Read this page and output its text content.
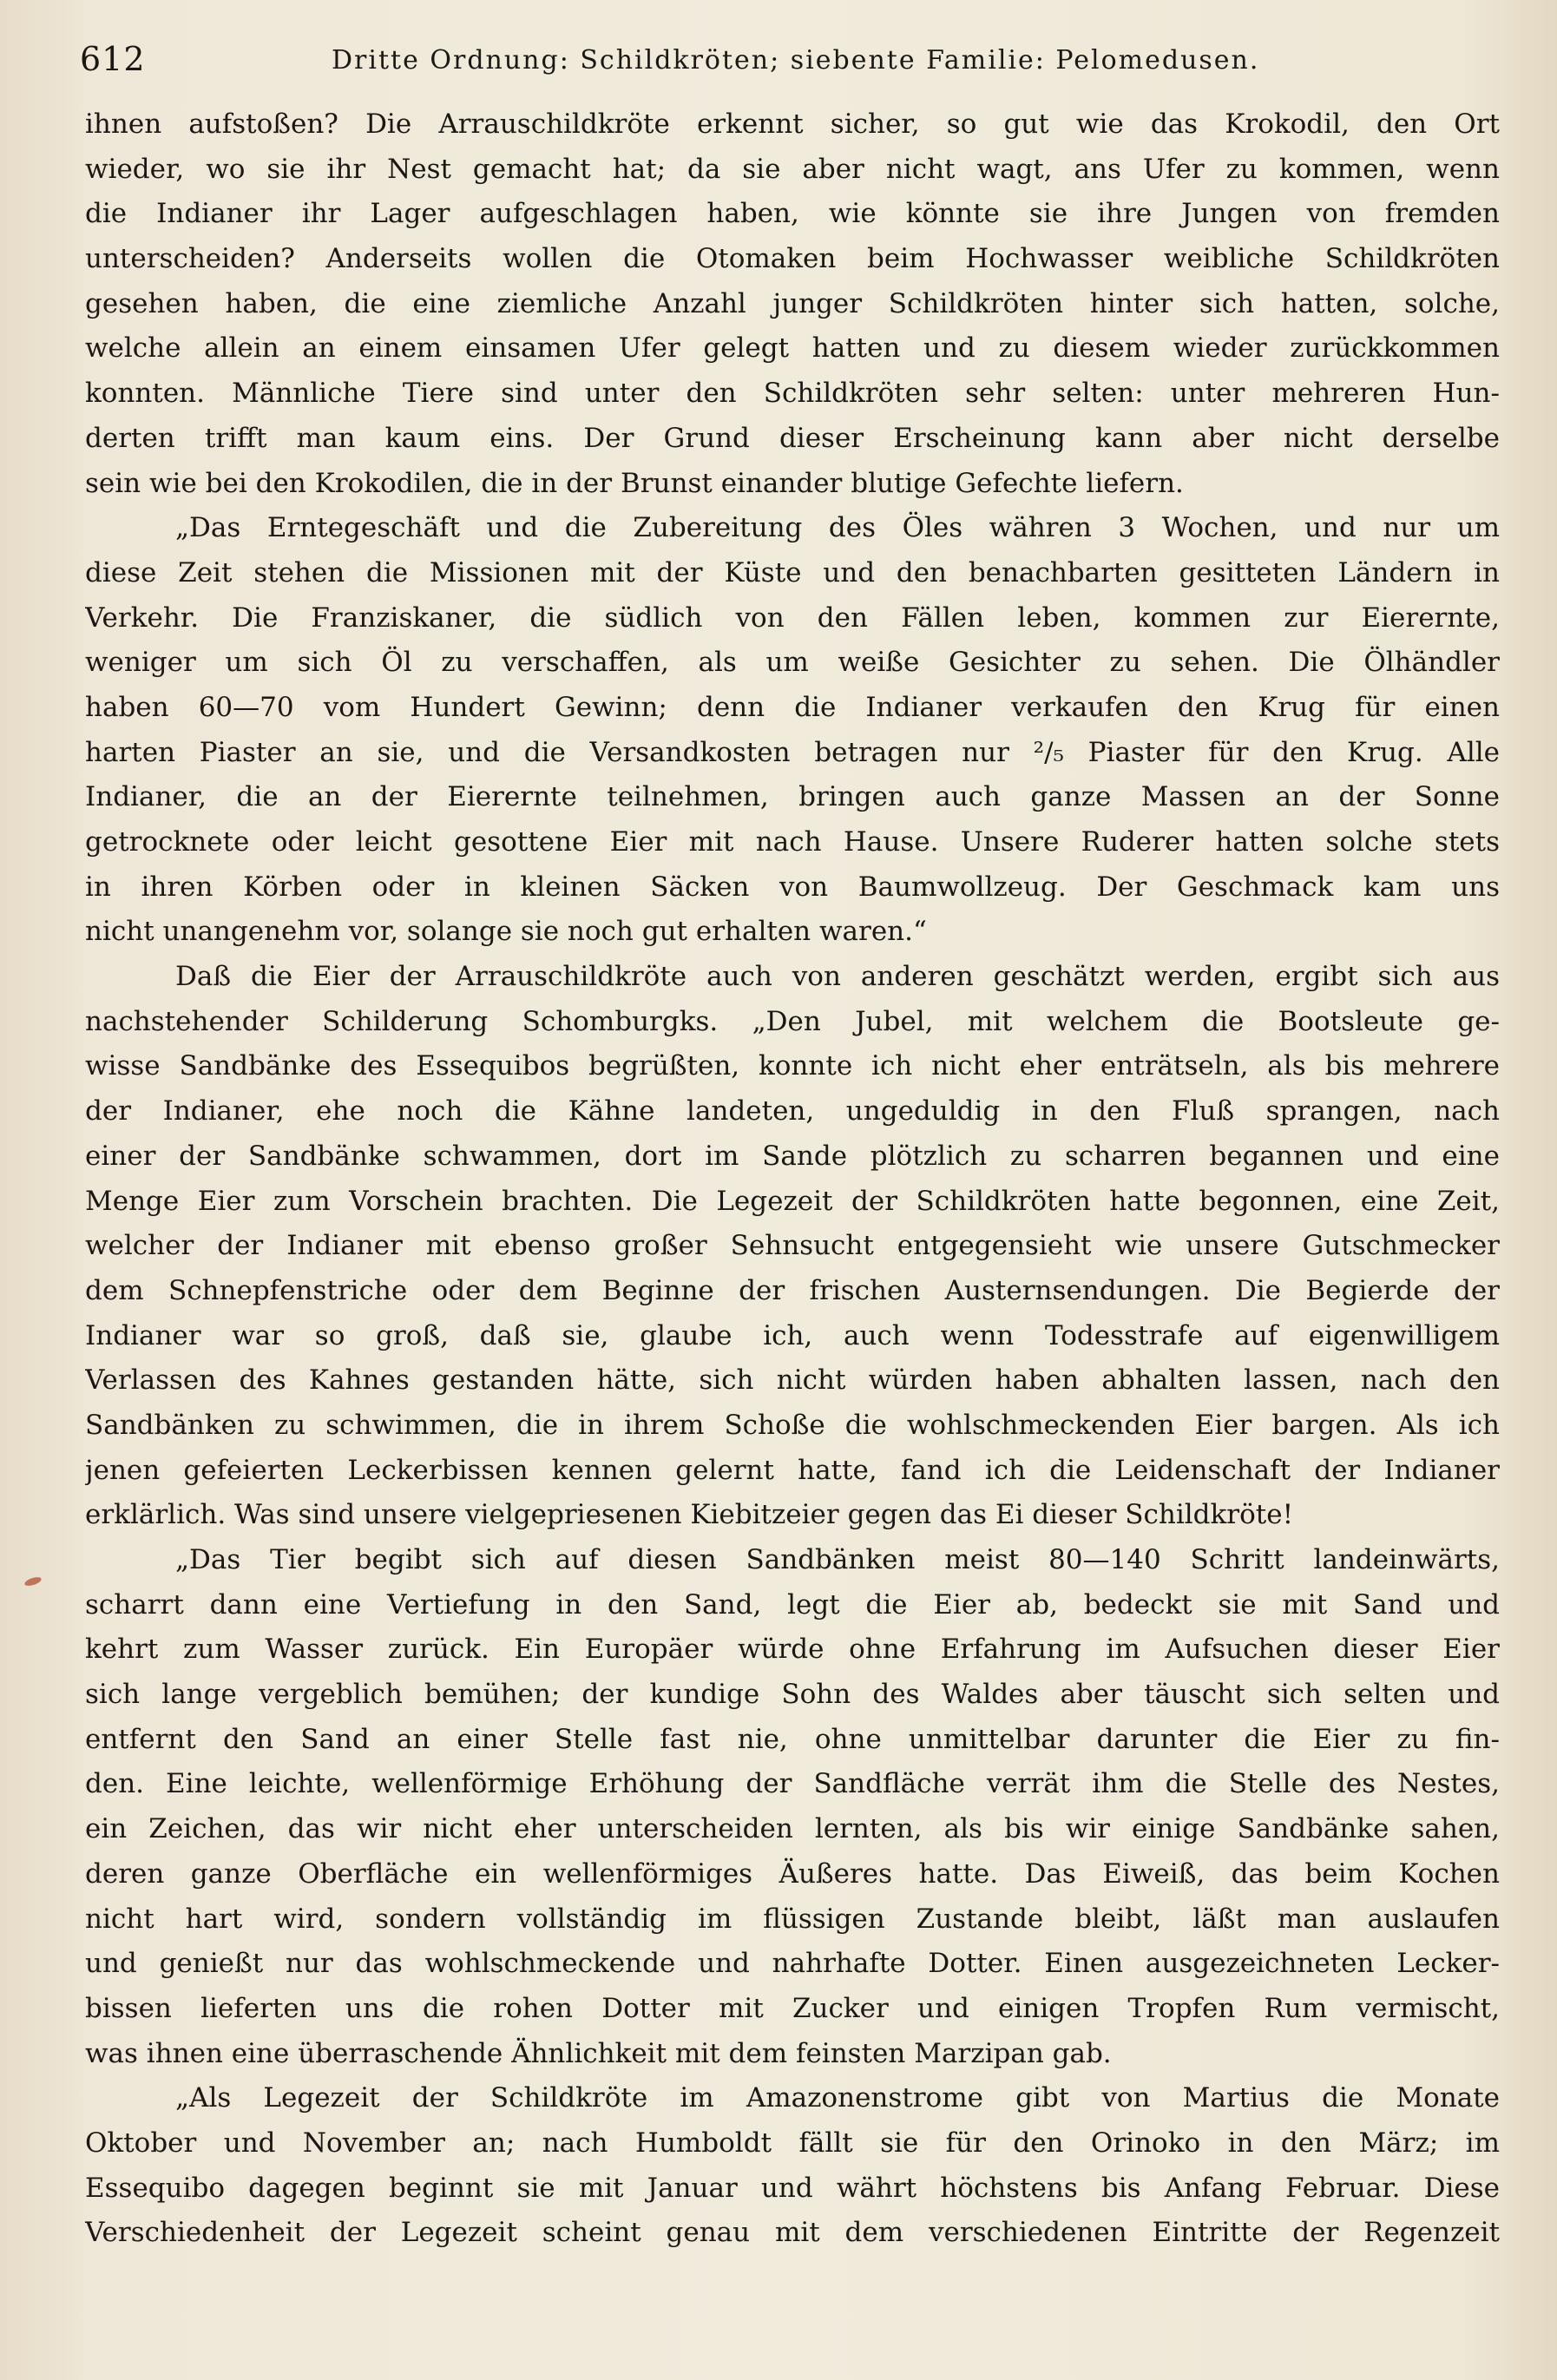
612	Dritte Ordnung: Schildkröten; siebente Familie: Pelomedusen.
ihnen aufstoßen? Die Arrauschildkröte erkennt sicher, so gut wie das Krokodil, den Ort
wieder, wo sie ihr Nest gemacht hat; da sie aber nicht wagt, ans Ufer zu kommen, wenn
die Indianer ihr Lager aufgeschlagen haben, wie könnte sie ihre Jungen von fremden
unterscheiden? Anderseits wollen die Otomaken beim Hochwasser weibliche Schildkröten
gesehen haben, die eine ziemliche Anzahl junger Schildkröten hinter sich hatten, solche,
welche allein an einem einsamen Ufer gelegt hatten und zu diesem wieder zurückkommen
konnten. Männliche Tiere sind unter den Schildkröten sehr selten: unter mehreren Hun-
derten trifft man kaum eins. Der Grund dieser Erscheinung kann aber nicht derselbe
sein wie bei den Krokodilen, die in der Brunst einander blutige Gefechte liefern.
„Das Erntegeschäft und die Zubereitung des Öles währen 3 Wochen, und nur um
diese Zeit stehen die Missionen mit der Küste und den benachbarten gesitteten Ländern in
Verkehr. Die Franziskaner, die südlich von den Fällen leben, kommen zur Eierernte,
weniger um sich Öl zu verschaffen, als um weiße Gesichter zu sehen. Die Ölhändler
haben 60—70 vom Hundert Gewinn; denn die Indianer verkaufen den Krug für einen
harten Piaster an sie, und die Versandkosten betragen nur ²/₅ Piaster für den Krug. Alle
Indianer, die an der Eierernte teilnehmen, bringen auch ganze Massen an der Sonne
getrocknete oder leicht gesottene Eier mit nach Hause. Unsere Ruderer hatten solche stets
in ihren Körben oder in kleinen Säcken von Baumwollzeug. Der Geschmack kam uns
nicht unangenehm vor, solange sie noch gut erhalten waren.“
Daß die Eier der Arrauschildkröte auch von anderen geschätzt werden, ergibt sich aus
nachstehender Schilderung Schomburgks. „Den Jubel, mit welchem die Bootsleute ge-
wisse Sandbänke des Essequibos begrüßten, konnte ich nicht eher enträtseln, als bis mehrere
der Indianer, ehe noch die Kähne landeten, ungeduldig in den Fluß sprangen, nach
einer der Sandbänke schwammen, dort im Sande plötzlich zu scharren begannen und eine
Menge Eier zum Vorschein brachten. Die Legezeit der Schildkröten hatte begonnen, eine Zeit,
welcher der Indianer mit ebenso großer Sehnsucht entgegensieht wie unsere Gutschmecker
dem Schnepfenstriche oder dem Beginne der frischen Austernsendungen. Die Begierde der
Indianer war so groß, daß sie, glaube ich, auch wenn Todesstrafe auf eigenwilligem
Verlassen des Kahnes gestanden hätte, sich nicht würden haben abhalten lassen, nach den
Sandbänken zu schwimmen, die in ihrem Schoße die wohlschmeckenden Eier bargen. Als ich
jenen gefeierten Leckerbissen kennen gelernt hatte, fand ich die Leidenschaft der Indianer
erklärlich. Was sind unsere vielgepriesenen Kiebitzeier gegen das Ei dieser Schildkröte!
„Das Tier begibt sich auf diesen Sandbänken meist 80—140 Schritt landeinwärts,
scharrt dann eine Vertiefung in den Sand, legt die Eier ab, bedeckt sie mit Sand und
kehrt zum Wasser zurück. Ein Europäer würde ohne Erfahrung im Aufsuchen dieser Eier
sich lange vergeblich bemühen; der kundige Sohn des Waldes aber täuscht sich selten und
entfernt den Sand an einer Stelle fast nie, ohne unmittelbar darunter die Eier zu fin-
den. Eine leichte, wellenförmige Erhöhung der Sandfläche verrät ihm die Stelle des Nestes,
ein Zeichen, das wir nicht eher unterscheiden lernten, als bis wir einige Sandbänke sahen,
deren ganze Oberfläche ein wellenförmiges Äußeres hatte. Das Eiweiß, das beim Kochen
nicht hart wird, sondern vollständig im flüssigen Zustande bleibt, läßt man auslaufen
und genießt nur das wohlschmeckende und nahrhafte Dotter. Einen ausgezeichneten Lecker-
bissen lieferten uns die rohen Dotter mit Zucker und einigen Tropfen Rum vermischt,
was ihnen eine überraschende Ähnlichkeit mit dem feinsten Marzipan gab.
„Als Legezeit der Schildkröte im Amazonenstrome gibt von Martius die Monate
Oktober und November an; nach Humboldt fällt sie für den Orinoko in den März; im
Essequibo dagegen beginnt sie mit Januar und währt höchstens bis Anfang Februar. Diese
Verschiedenheit der Legezeit scheint genau mit dem verschiedenen Eintritte der Regenzeit
